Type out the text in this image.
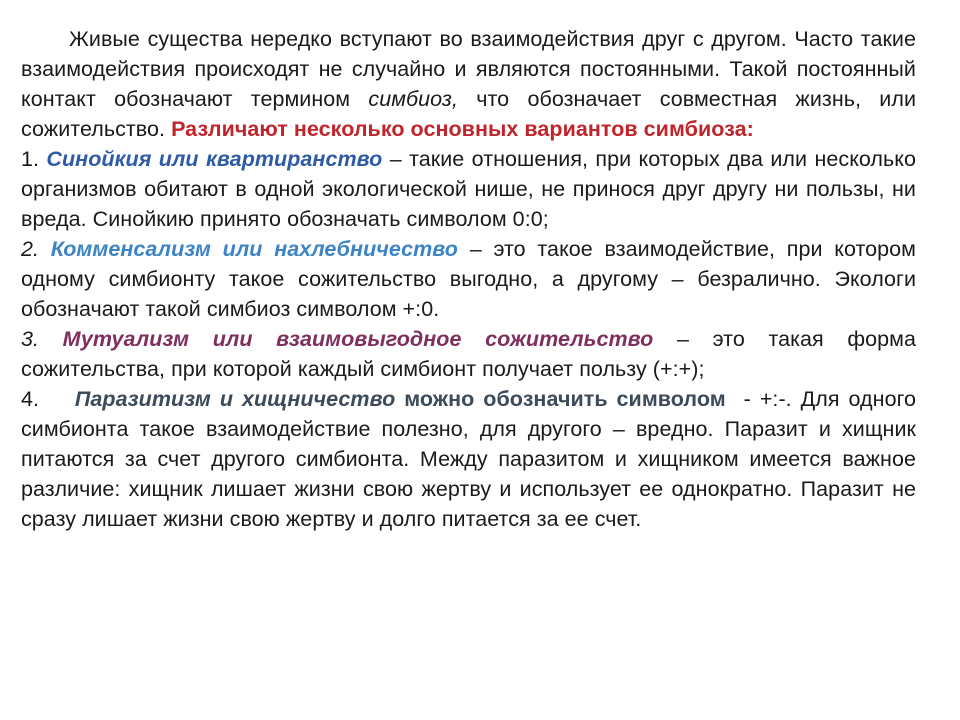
Живые существа нередко вступают во взаимодействия друг с другом. Часто такие взаимодействия происходят не случайно и являются постоянными. Такой постоянный контакт обозначают термином симбиоз, что обозначает совместная жизнь, или сожительство. Различают несколько основных вариантов симбиоза:

1. Синойкия или квартиранство – такие отношения, при которых два или несколько организмов обитают в одной экологической нише, не принося друг другу ни пользы, ни вреда. Синойкию принято обозначать символом 0:0;

2. Комменсализм или нахлебничество – это такое взаимодействие, при котором одному симбионту такое сожительство выгодно, а другому – безралично. Экологи обозначают такой симбиоз символом +:0.

3. Мутуализм или взаимовыгодное сожительство – это такая форма сожительства, при которой каждый симбионт получает пользу (+:+);

4.    Паразитизм и хищничество можно обозначить символом  - +:-. Для одного симбионта такое взаимодействие полезно, для другого – вредно. Паразит и хищник питаются за счет другого симбионта. Между паразитом и хищником имеется важное различие: хищник лишает жизни свою жертву и использует ее однократно. Паразит не сразу лишает жизни свою жертву и долго питается за ее счет.
